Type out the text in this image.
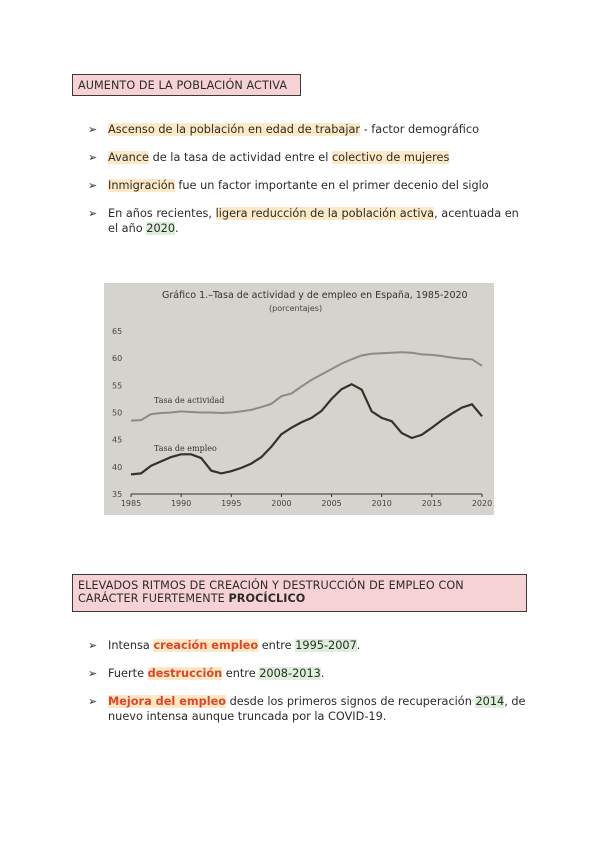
AUMENTO DE LA POBLACIÓN ACTIVA
➢ Ascenso de la población en edad de trabajar - factor demográfico
➢ Avance de la tasa de actividad entre el colectivo de mujeres
➢ Inmigración fue un factor importante en el primer decenio del siglo
➢ En años recientes, ligera reducción de la población activa, acentuada en el año 2020.
Gráfico 1.–Tasa de actividad y de empleo en España, 1985-2020
(porcentajes)
35
40
45
50
55
60
65
1985	1990	1995	2000	2005	2010	2015	2020
Tasa de actividad
Tasa de empleo
ELEVADOS RITMOS DE CREACIÓN Y DESTRUCCIÓN DE EMPLEO CON CARÁCTER FUERTEMENTE PROCÍCLICO
➢ Intensa creación empleo entre 1995-2007.
➢ Fuerte destrucción entre 2008-2013.
➢ Mejora del empleo desde los primeros signos de recuperación 2014, de nuevo intensa aunque truncada por la COVID-19.
